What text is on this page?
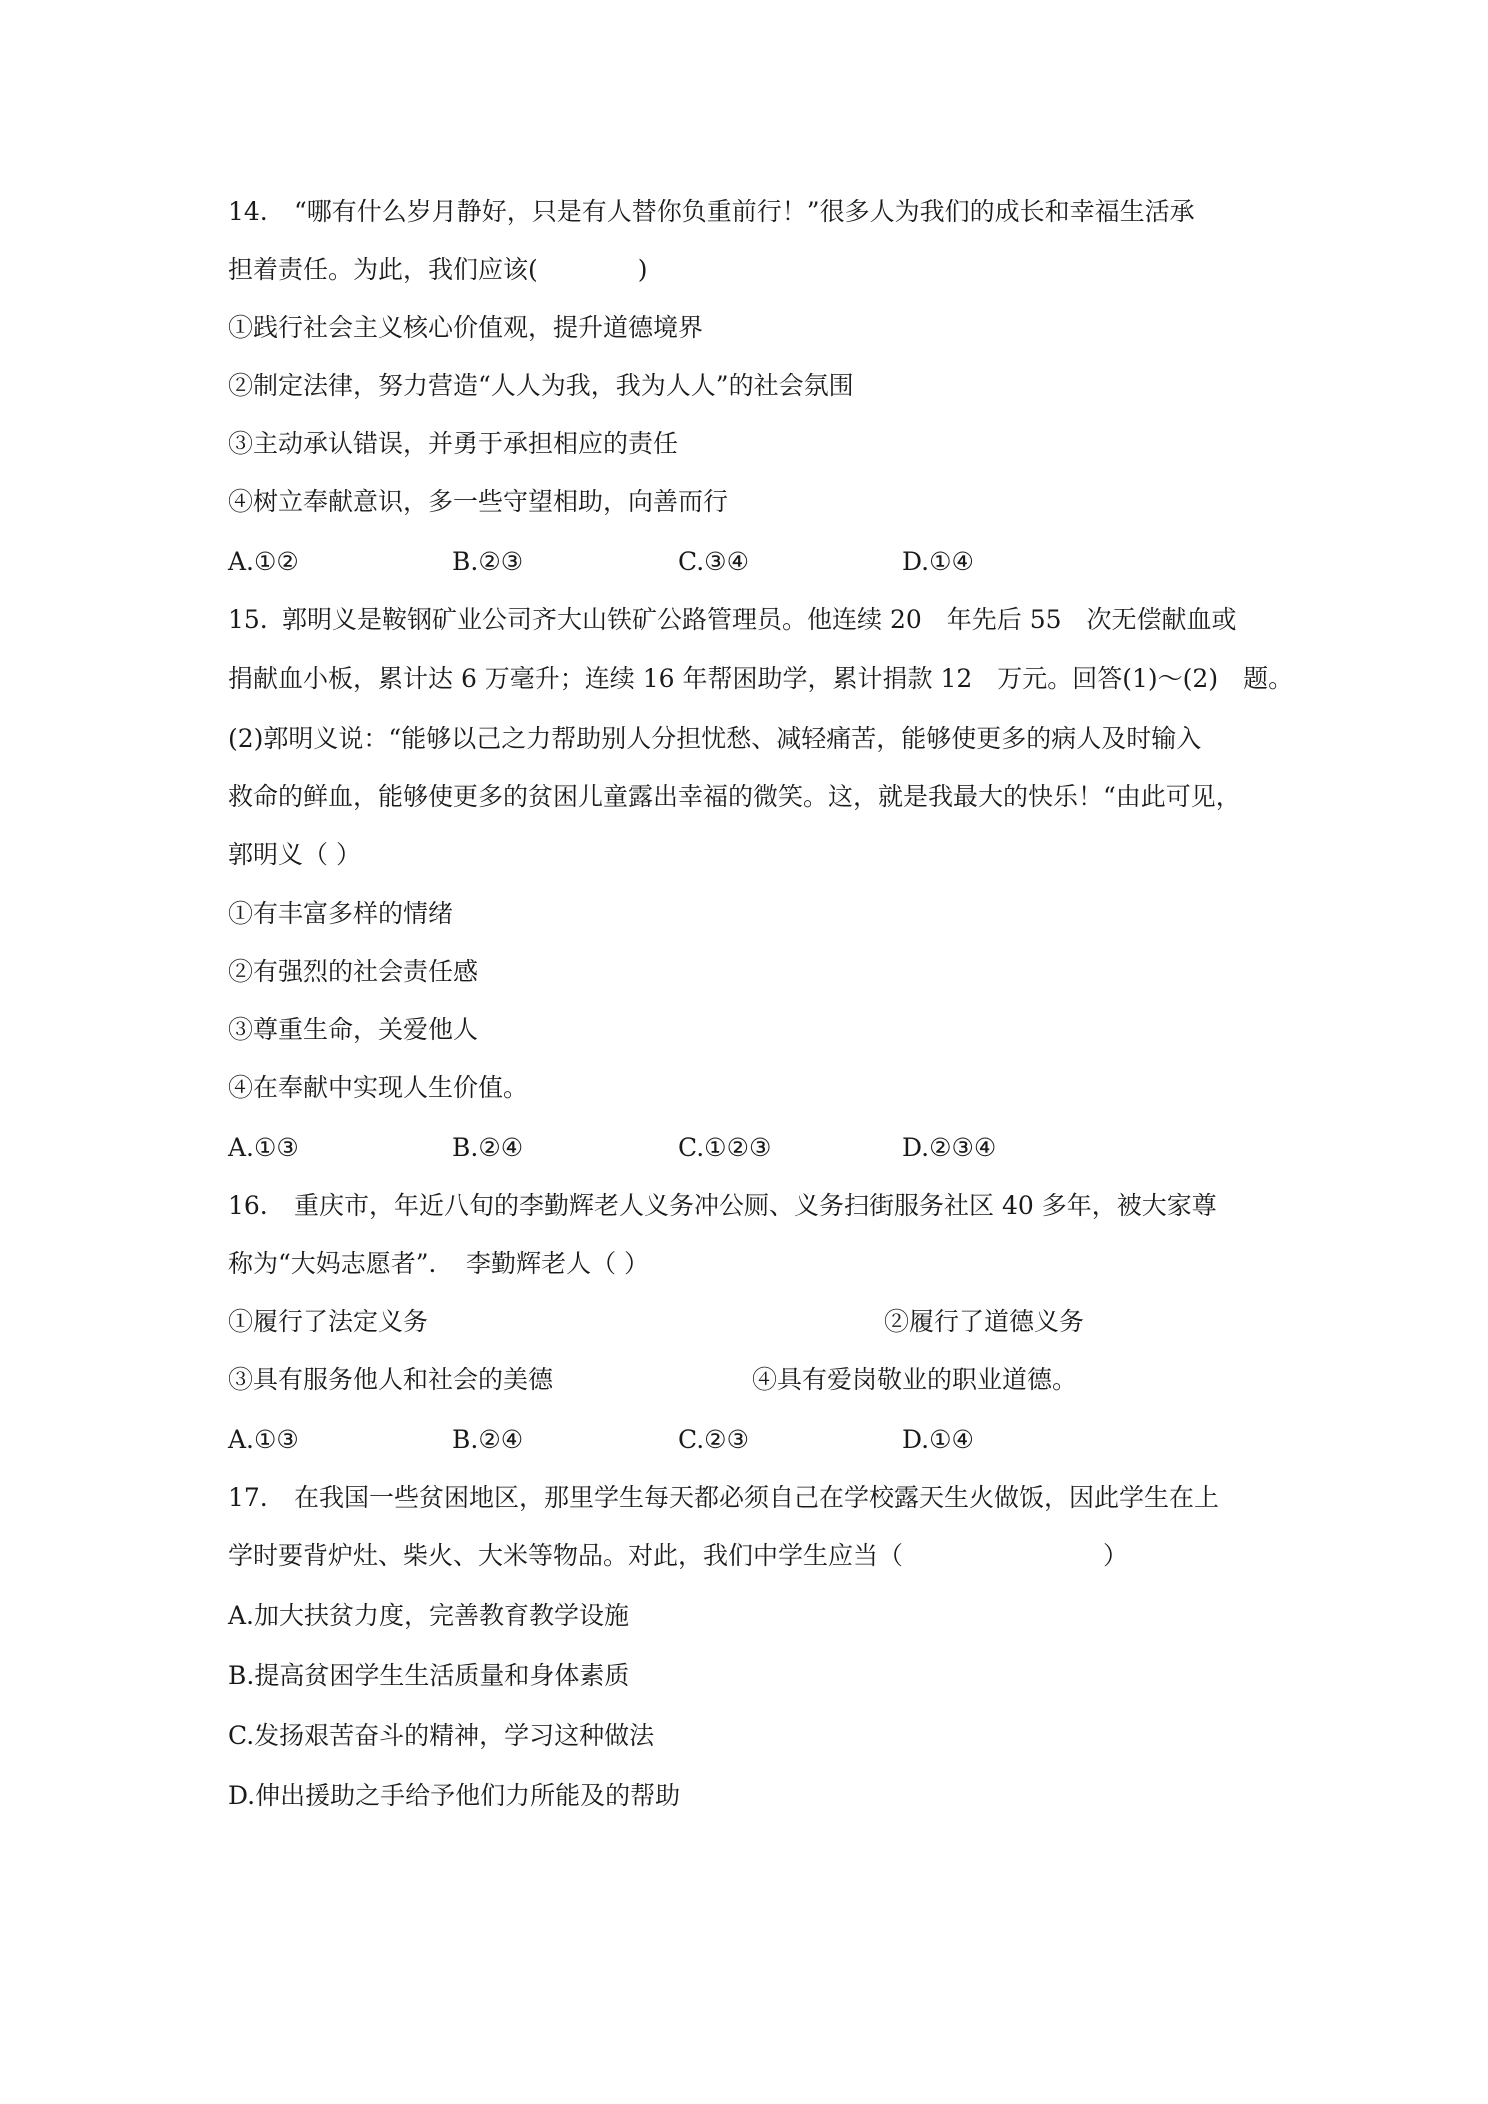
14. “哪有什么岁月静好，只是有人替你负重前行！”很多人为我们的成长和幸福生活承
担着责任。为此，我们应该(　　　　)
①践行社会主义核心价值观，提升道德境界
②制定法律，努力营造“人人为我，我为人人”的社会氛围
③主动承认错误，并勇于承担相应的责任
④树立奉献意识，多一些守望相助，向善而行
A.①②	B.②③	C.③④	D.①④
15. 郭明义是鞍钢矿业公司齐大山铁矿公路管理员。他连续 20　年先后 55　次无偿献血或
捐献血小板，累计达 6 万毫升；连续 16 年帮困助学，累计捐款 12　万元。回答(1)～(2)　题。
(2)郭明义说：“能够以己之力帮助别人分担忧愁、减轻痛苦，能够使更多的病人及时输入
救命的鲜血，能够使更多的贫困儿童露出幸福的微笑。这，就是我最大的快乐！“由此可见，
郭明义（ ）
①有丰富多样的情绪
②有强烈的社会责任感
③尊重生命，关爱他人
④在奉献中实现人生价值。
A.①③	B.②④	C.①②③	D.②③④
16. 重庆市，年近八旬的李勤辉老人义务冲公厕、义务扫街服务社区 40 多年，被大家尊
称为“大妈志愿者”．　李勤辉老人（ ）
①履行了法定义务	②履行了道德义务
③具有服务他人和社会的美德	④具有爱岗敬业的职业道德。
A.①③	B.②④	C.②③	D.①④
17. 在我国一些贫困地区，那里学生每天都必须自己在学校露天生火做饭，因此学生在上
学时要背炉灶、柴火、大米等物品。对此，我们中学生应当（　　　　　　　　）
A.加大扶贫力度，完善教育教学设施
B.提高贫困学生生活质量和身体素质
C.发扬艰苦奋斗的精神，学习这种做法
D.伸出援助之手给予他们力所能及的帮助
